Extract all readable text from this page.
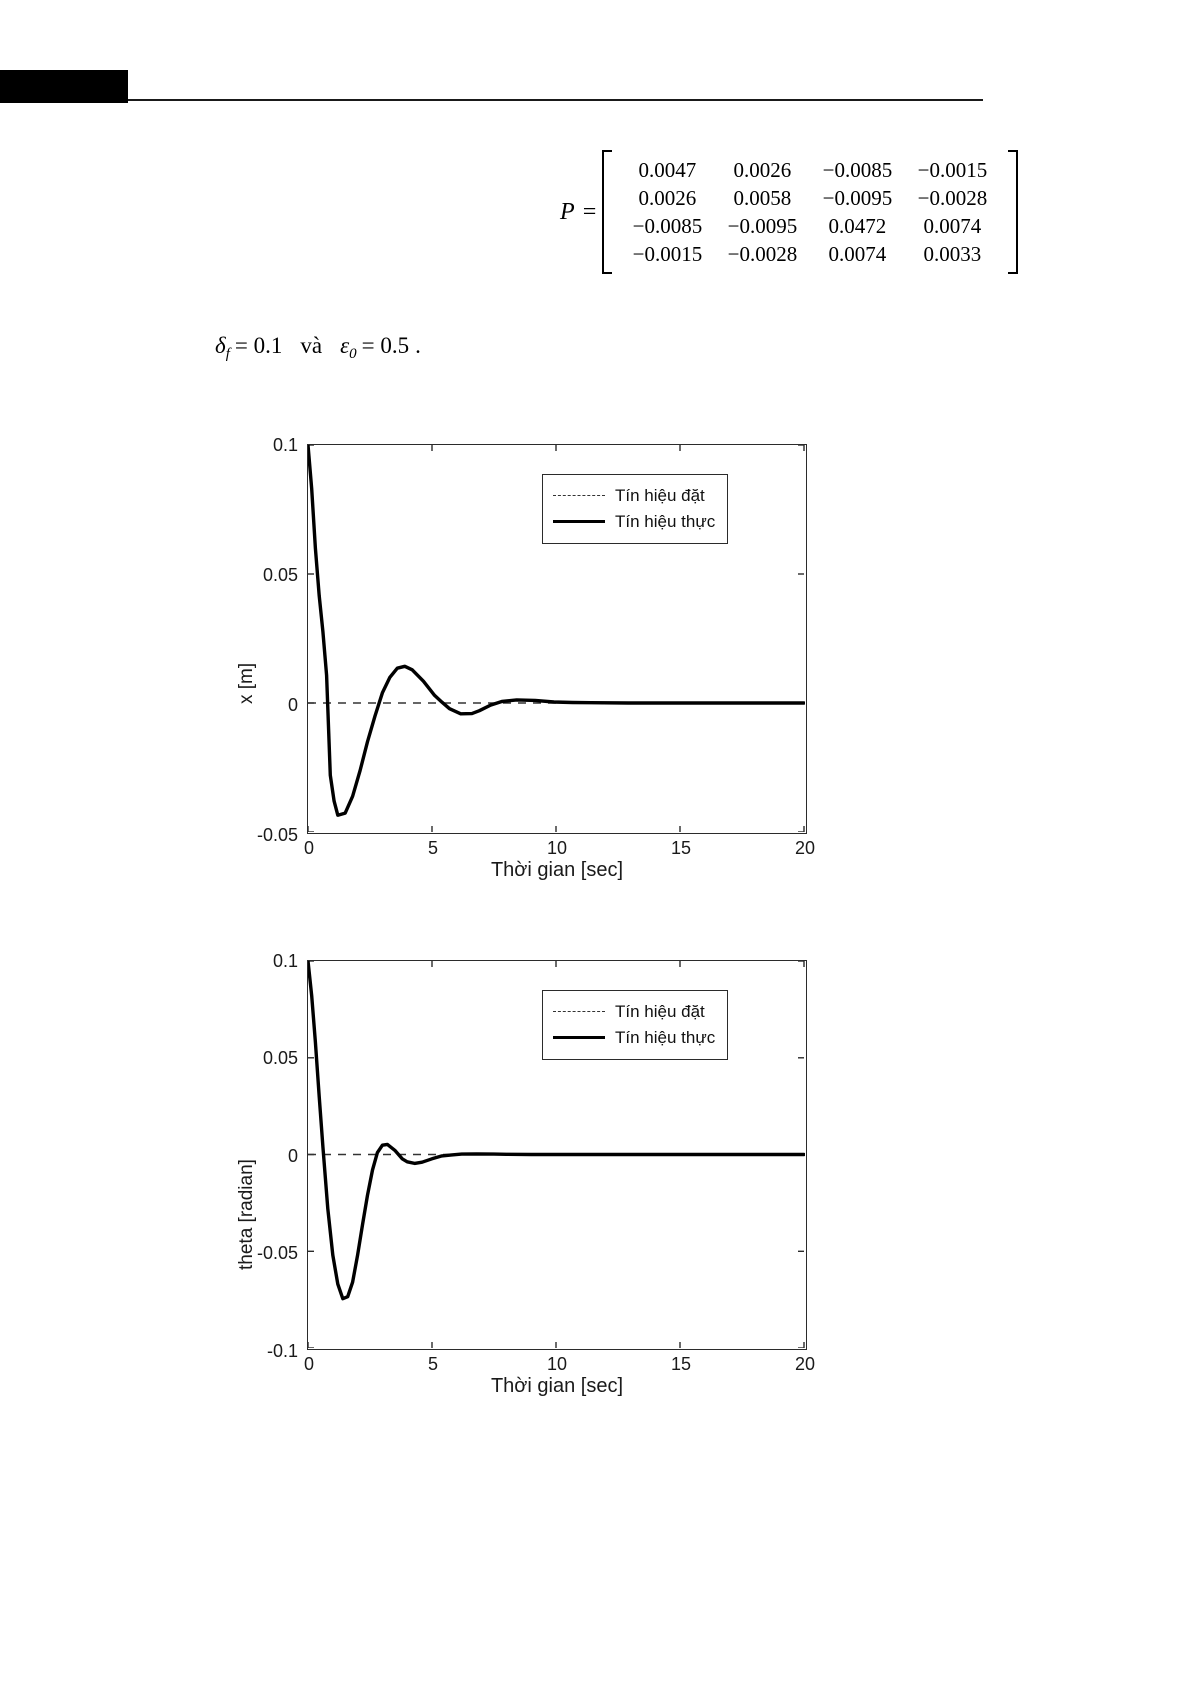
P =
0.0047	0.0026	−0.0085	−0.0015
0.0026	0.0058	−0.0095	−0.0028
−0.0085	−0.0095	0.0472	0.0074
−0.0015	−0.0028	0.0074	0.0033
δ f = 0.1 và ε 0 = 0.5 .
0.1
0.05
0
-0.05
0	5	10	15	20
x [m]
Thời gian [sec]
Tín hiệu đặt
Tín hiệu thực
0.1
0.05
0
-0.05
-0.1
0	5	10	15	20
theta [radian]
Thời gian [sec]
Tín hiệu đặt
Tín hiệu thực
